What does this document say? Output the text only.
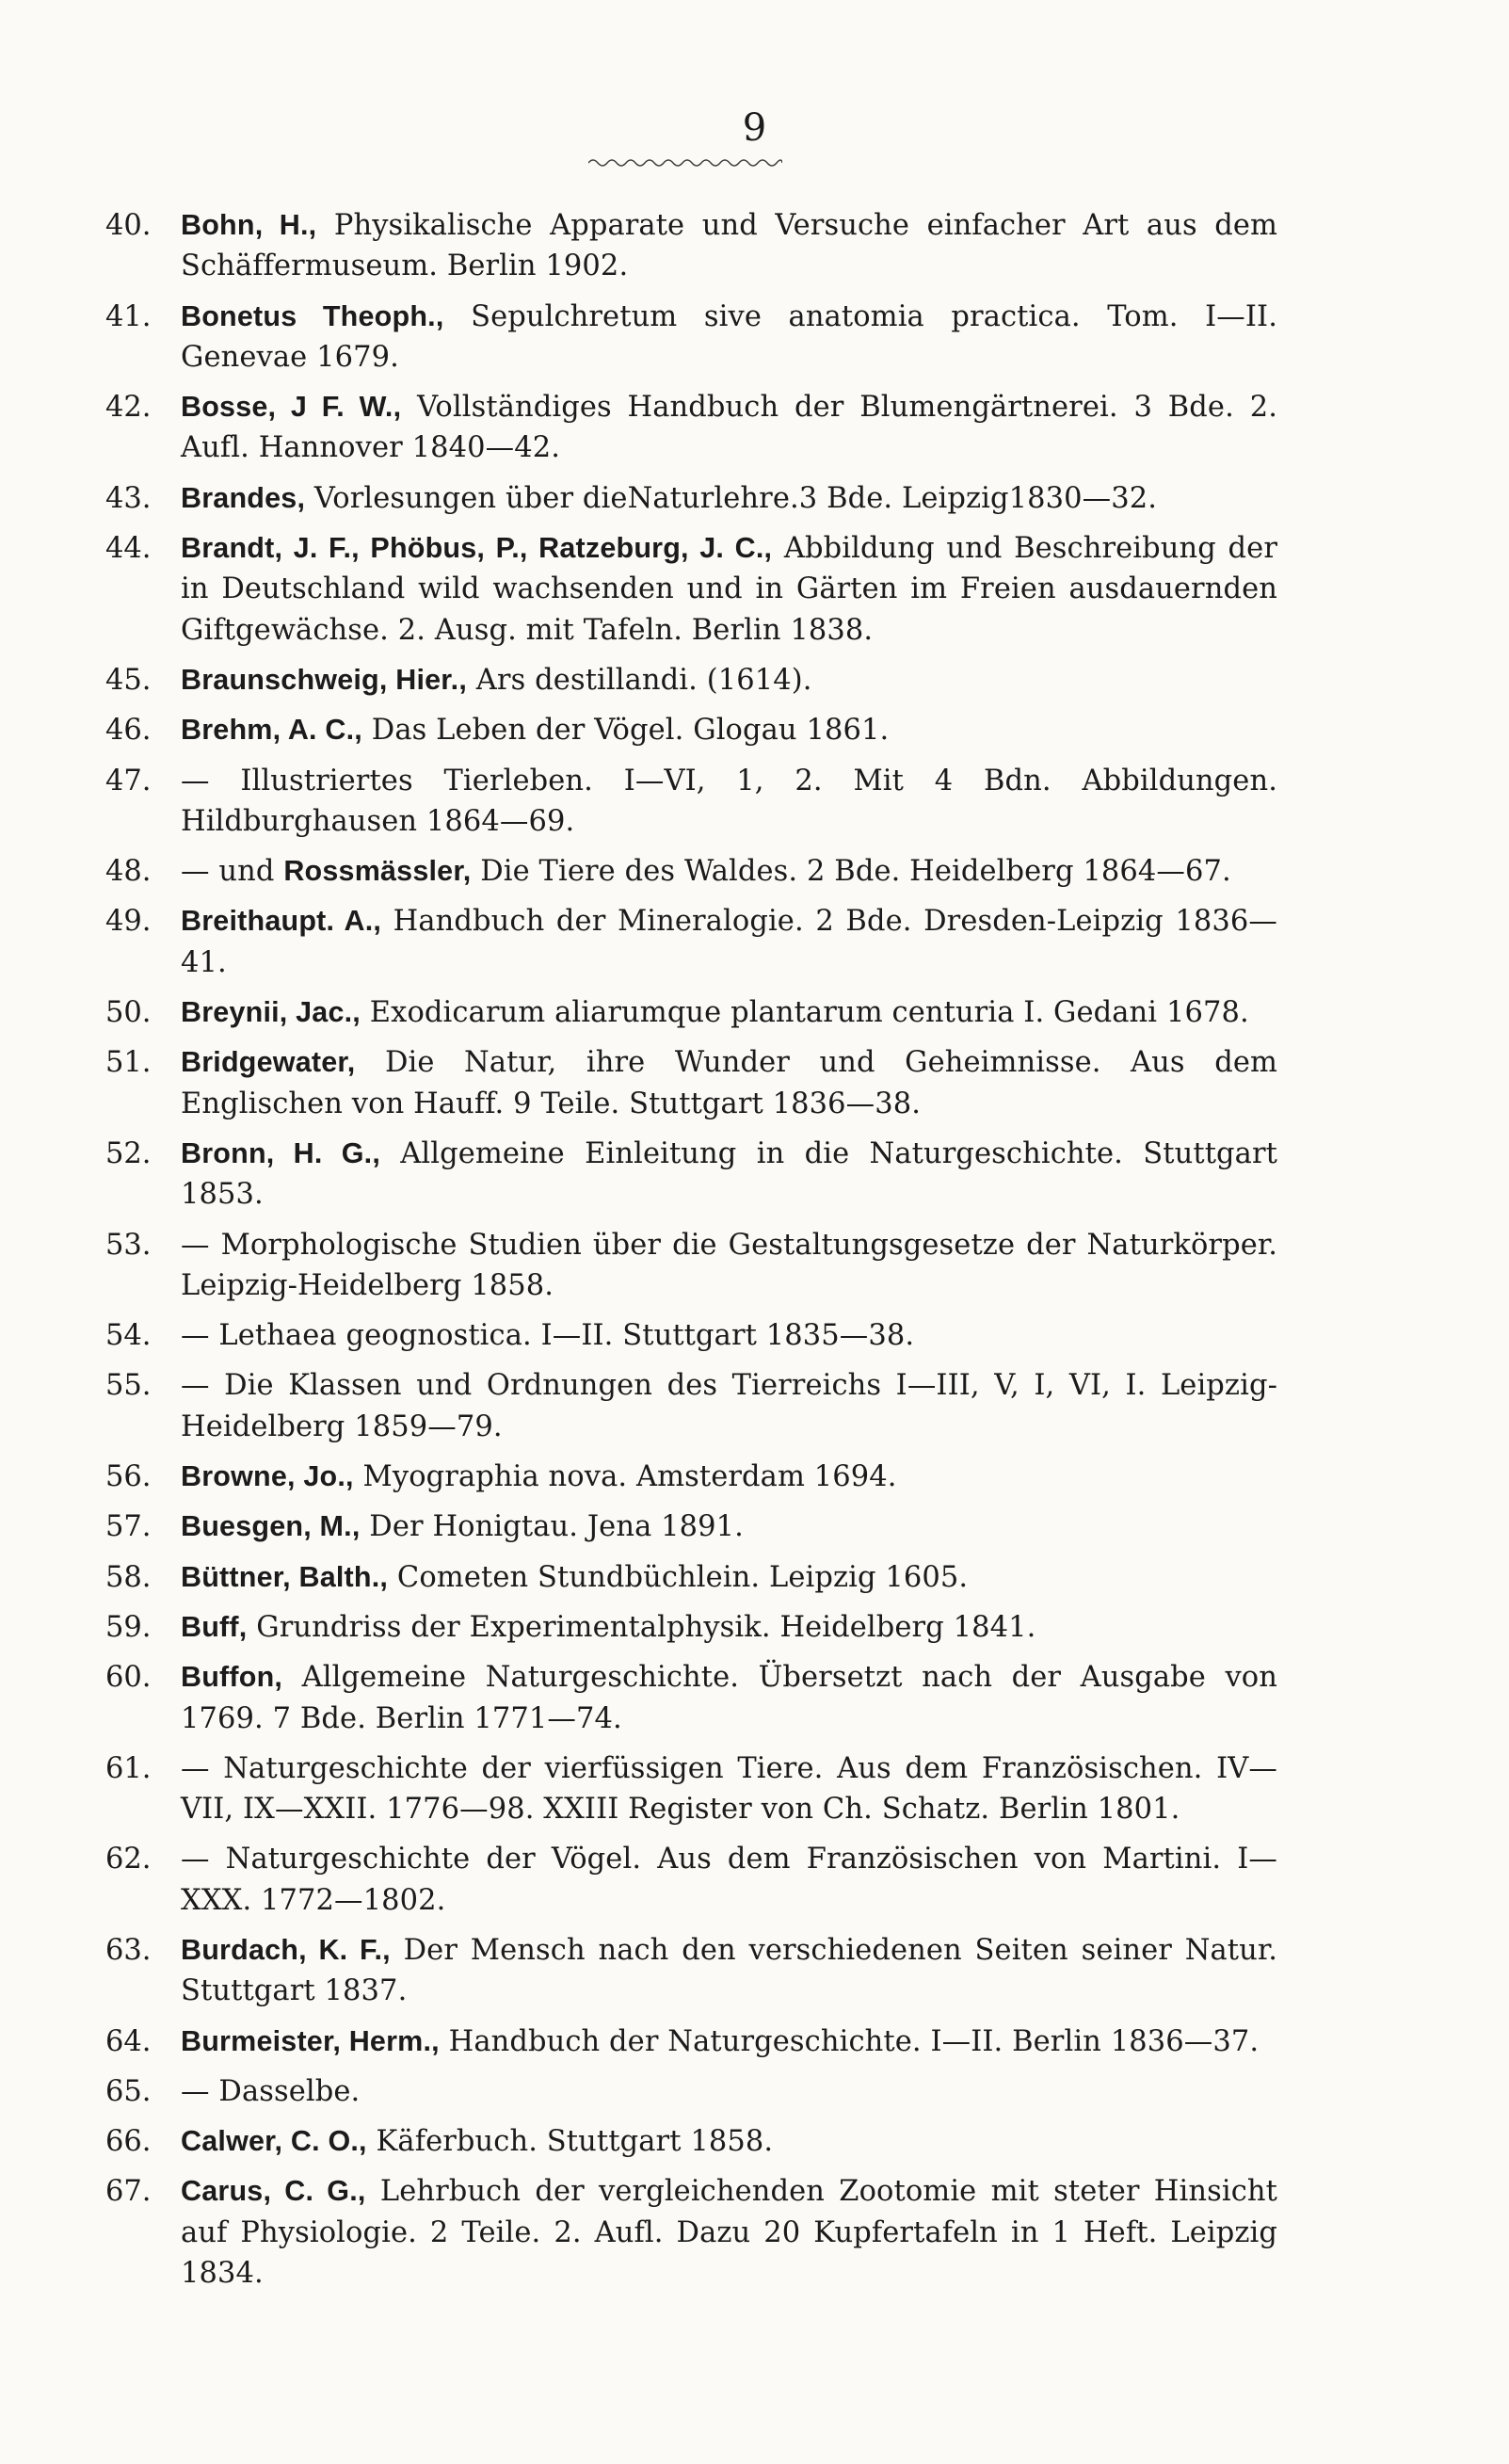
9
40.	Bohn, H., Physikalische Apparate und Versuche einfacher Art aus dem Schäffermuseum. Berlin 1902.
41.	Bonetus Theoph., Sepulchretum sive anatomia practica. Tom. I—II. Genevae 1679.
42.	Bosse, J F. W., Vollständiges Handbuch der Blumengärtnerei. 3 Bde. 2. Aufl. Hannover 1840—42.
43.	Brandes, Vorlesungen über dieNaturlehre.3 Bde. Leipzig1830—32.
44.	Brandt, J. F., Phöbus, P., Ratzeburg, J. C., Abbildung und Beschreibung der in Deutschland wild wachsenden und in Gärten im Freien ausdauernden Giftgewächse. 2. Ausg. mit Tafeln. Berlin 1838.
45.	Braunschweig, Hier., Ars destillandi. (1614).
46.	Brehm, A. C., Das Leben der Vögel. Glogau 1861.
47.	— Illustriertes Tierleben. I—VI, 1, 2. Mit 4 Bdn. Abbildungen. Hildburghausen 1864—69.
48.	— und Rossmässler, Die Tiere des Waldes. 2 Bde. Heidelberg 1864—67.
49.	Breithaupt. A., Handbuch der Mineralogie. 2 Bde. Dresden-Leipzig 1836—41.
50.	Breynii, Jac., Exodicarum aliarumque plantarum centuria I. Gedani 1678.
51.	Bridgewater, Die Natur, ihre Wunder und Geheimnisse. Aus dem Englischen von Hauff. 9 Teile. Stuttgart 1836—38.
52.	Bronn, H. G., Allgemeine Einleitung in die Naturgeschichte. Stuttgart 1853.
53.	— Morphologische Studien über die Gestaltungsgesetze der Naturkörper. Leipzig-Heidelberg 1858.
54.	— Lethaea geognostica. I—II. Stuttgart 1835—38.
55.	— Die Klassen und Ordnungen des Tierreichs I—III, V, I, VI, I. Leipzig-Heidelberg 1859—79.
56.	Browne, Jo., Myographia nova. Amsterdam 1694.
57.	Buesgen, M., Der Honigtau. Jena 1891.
58.	Büttner, Balth., Cometen Stundbüchlein. Leipzig 1605.
59.	Buff, Grundriss der Experimentalphysik. Heidelberg 1841.
60.	Buffon, Allgemeine Naturgeschichte. Übersetzt nach der Ausgabe von 1769. 7 Bde. Berlin 1771—74.
61.	— Naturgeschichte der vierfüssigen Tiere. Aus dem Französischen. IV—VII, IX—XXII. 1776—98. XXIII Register von Ch. Schatz. Berlin 1801.
62.	— Naturgeschichte der Vögel. Aus dem Französischen von Martini. I—XXX. 1772—1802.
63.	Burdach, K. F., Der Mensch nach den verschiedenen Seiten seiner Natur. Stuttgart 1837.
64.	Burmeister, Herm., Handbuch der Naturgeschichte. I—II. Berlin 1836—37.
65.	— Dasselbe.
66.	Calwer, C. O., Käferbuch. Stuttgart 1858.
67.	Carus, C. G., Lehrbuch der vergleichenden Zootomie mit steter Hinsicht auf Physiologie. 2 Teile. 2. Aufl. Dazu 20 Kupfertafeln in 1 Heft. Leipzig 1834.
